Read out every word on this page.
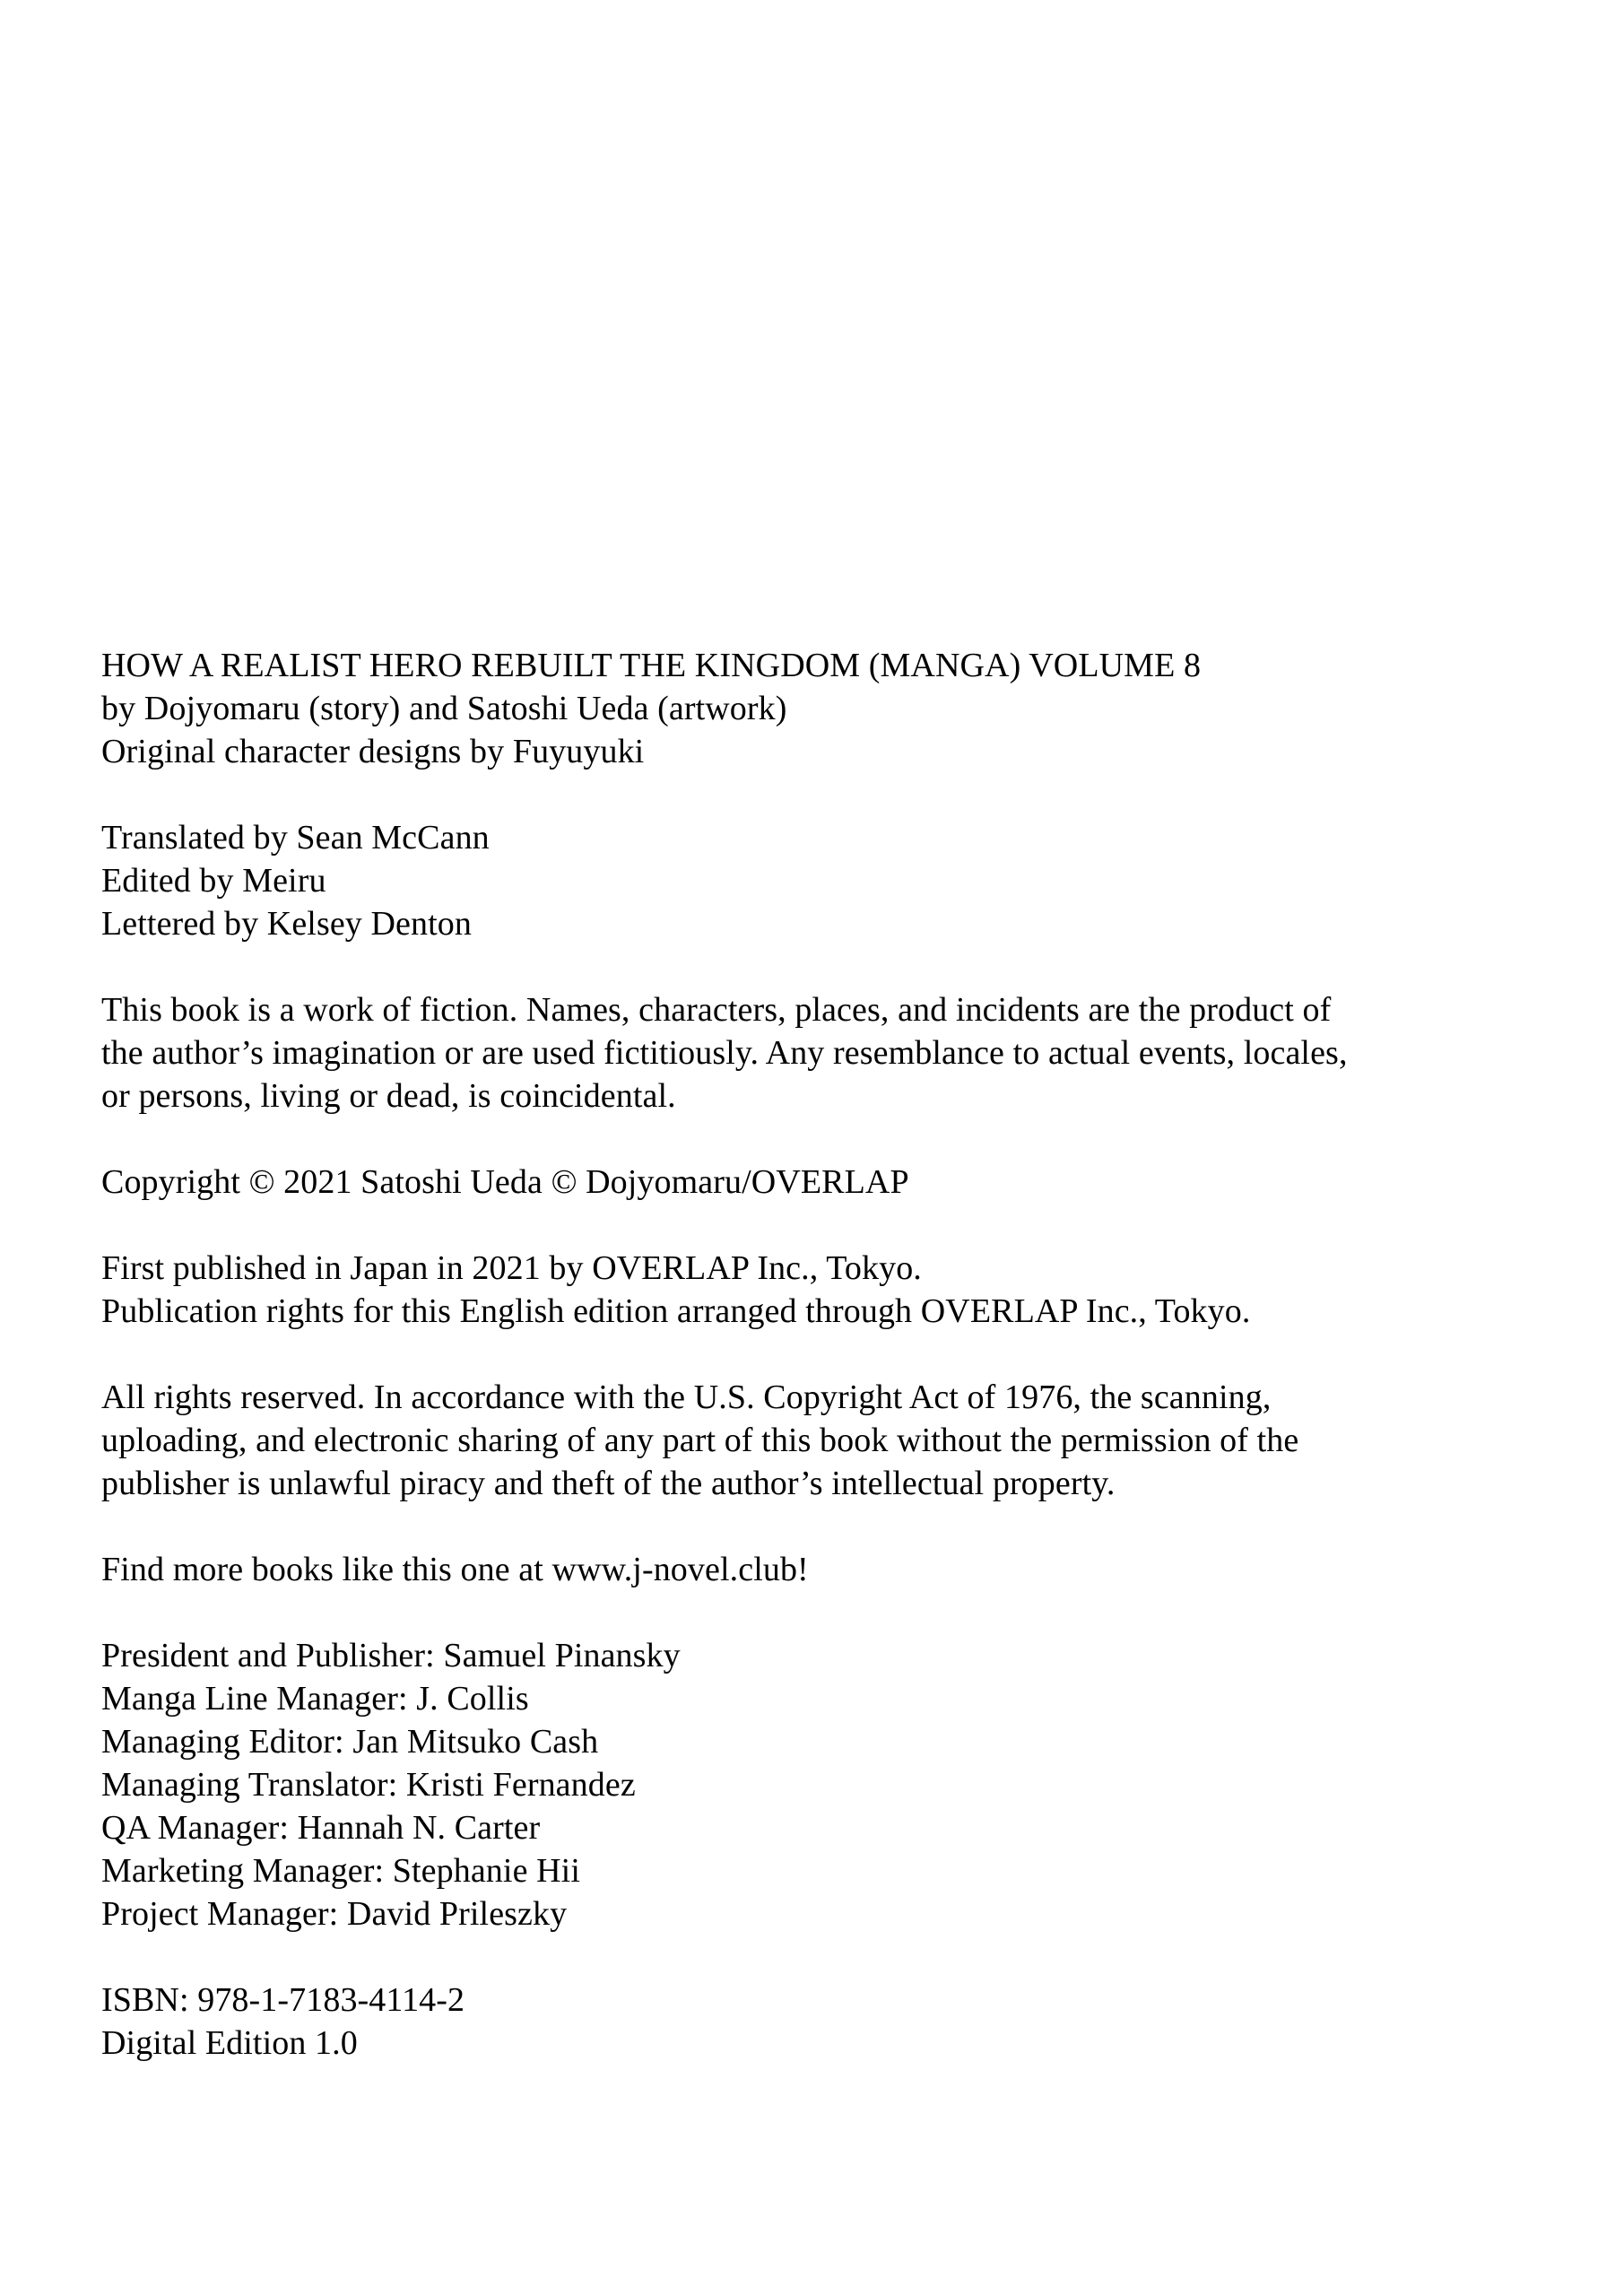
HOW A REALIST HERO REBUILT THE KINGDOM (MANGA) VOLUME 8
by Dojyomaru (story) and Satoshi Ueda (artwork)
Original character designs by Fuyuyuki
Translated by Sean McCann
Edited by Meiru
Lettered by Kelsey Denton
This book is a work of fiction. Names, characters, places, and incidents are the product of
the author’s imagination or are used fictitiously. Any resemblance to actual events, locales,
or persons, living or dead, is coincidental.
Copyright © 2021 Satoshi Ueda © Dojyomaru/OVERLAP
First published in Japan in 2021 by OVERLAP Inc., Tokyo.
Publication rights for this English edition arranged through OVERLAP Inc., Tokyo.
All rights reserved. In accordance with the U.S. Copyright Act of 1976, the scanning,
uploading, and electronic sharing of any part of this book without the permission of the
publisher is unlawful piracy and theft of the author’s intellectual property.
Find more books like this one at www.j-novel.club!
President and Publisher: Samuel Pinansky
Manga Line Manager: J. Collis
Managing Editor: Jan Mitsuko Cash
Managing Translator: Kristi Fernandez
QA Manager: Hannah N. Carter
Marketing Manager: Stephanie Hii
Project Manager: David Prileszky
ISBN: 978-1-7183-4114-2
Digital Edition 1.0
